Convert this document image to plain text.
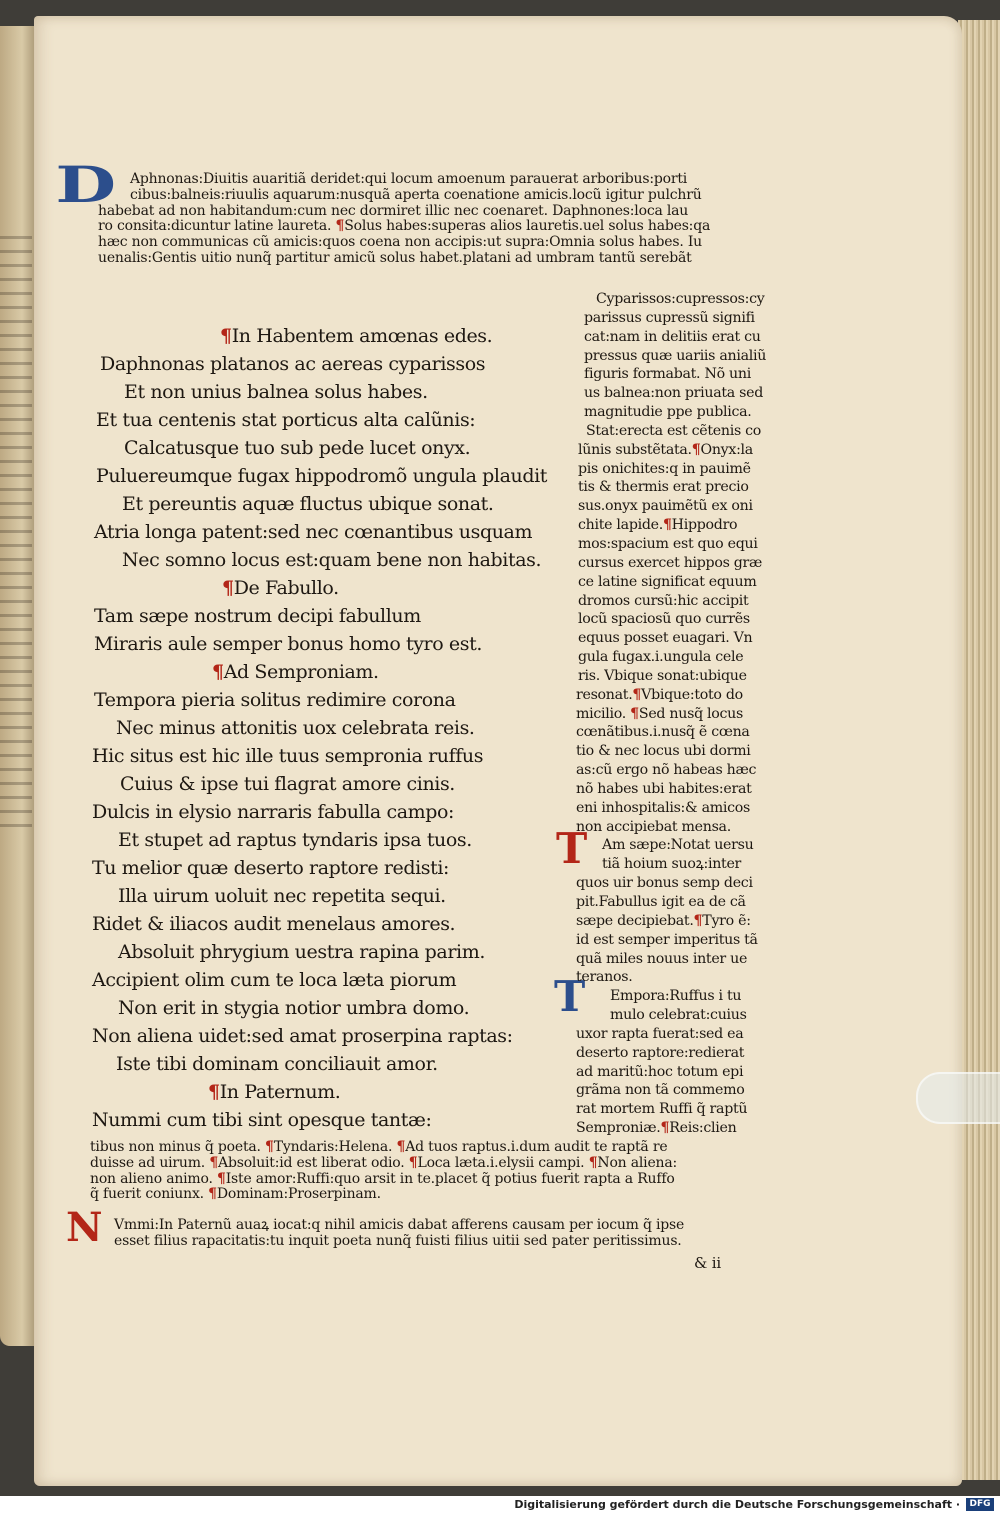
D
T
T
N
Aphnonas:Diuitis auaritiã deridet:qui locum amoenum parauerat arboribus:porti
cibus:balneis:riuulis aquarum:nusquã aperta coenatione amicis.locũ igitur pulchrũ
habebat ad non habitandum:cum nec dormiret illic nec coenaret. Daphnones:loca lau
ro consita:dicuntur latine laureta. ¶Solus habes:superas alios lauretis.uel solus habes:qa
hæc non communicas cũ amicis:quos coena non accipis:ut supra:Omnia solus habes. Iu
uenalis:Gentis uitio nunq̃ partitur amicũ solus habet.platani ad umbram tantũ serebãt
¶In Habentem amœnas edes.
Daphnonas platanos ac aereas cyparissos
Et non unius balnea solus habes.
Et tua centenis stat porticus alta calũnis:
Calcatusque tuo sub pede lucet onyx.
Puluereumque fugax hippodromõ ungula plaudit
Et pereuntis aquæ fluctus ubique sonat.
Atria longa patent:sed nec cœnantibus usquam
Nec somno locus est:quam bene non habitas.
¶De Fabullo.
Tam sæpe nostrum decipi fabullum
Miraris aule semper bonus homo tyro est.
¶Ad Semproniam.
Tempora pieria solitus redimire corona
Nec minus attonitis uox celebrata reis.
Hic situs est hic ille tuus sempronia ruffus
Cuius & ipse tui flagrat amore cinis.
Dulcis in elysio narraris fabulla campo:
Et stupet ad raptus tyndaris ipsa tuos.
Tu melior quæ deserto raptore redisti:
Illa uirum uoluit nec repetita sequi.
Ridet & iliacos audit menelaus amores.
Absoluit phrygium uestra rapina parim.
Accipient olim cum te loca læta piorum
Non erit in stygia notior umbra domo.
Non aliena uidet:sed amat proserpina raptas:
Iste tibi dominam conciliauit amor.
¶In Paternum.
Nummi cum tibi sint opesque tantæ:
Cyparissos:cupressos:cy
parissus cupressũ signifi
cat:nam in delitiis erat cu
pressus quæ uariis anialiũ
figuris formabat. Nõ uni
us balnea:non priuata sed
magnitudie ppe publica.
Stat:erecta est cẽtenis co
lũnis substẽtata.¶Onyx:la
pis onichites:q in pauimẽ
tis & thermis erat precio
sus.onyx pauimẽtũ ex oni
chite lapide.¶Hippodro
mos:spacium est quo equi
cursus exercet hippos græ
ce latine significat equum
dromos cursũ:hic accipit
locũ spaciosũ quo currẽs
equus posset euagari. Vn
gula fugax.i.ungula cele
ris. Vbique sonat:ubique
resonat.¶Vbique:toto do
micilio. ¶Sed nusq̃ locus
cœnãtibus.i.nusq̃ ẽ cœna
tio & nec locus ubi dormi
as:cũ ergo nõ habeas hæc
nõ habes ubi habites:erat
eni inhospitalis:& amicos
non accipiebat mensa.
Am sæpe:Notat uersu
tiã hoium suoꝝ:inter
quos uir bonus semp deci
pit.Fabullus igit ea de cã
sæpe decipiebat.¶Tyro ẽ:
id est semper imperitus tã
quã miles nouus inter ue
teranos.
Empora:Ruffus i tu
mulo celebrat:cuius
uxor rapta fuerat:sed ea
deserto raptore:redierat
ad maritũ:hoc totum epi
grãma non tã commemo
rat mortem Ruffi q̃ raptũ
Semproniæ.¶Reis:clien
tibus non minus q̃ poeta. ¶Tyndaris:Helena. ¶Ad tuos raptus.i.dum audit te raptã re
duisse ad uirum. ¶Absoluit:id est liberat odio. ¶Loca læta.i.elysii campi. ¶Non aliena:
non alieno animo. ¶Iste amor:Ruffi:quo arsit in te.placet q̃ potius fuerit rapta a Ruffo
q̃ fuerit coniunx. ¶Dominam:Proserpinam.
Vmmi:In Paternũ auaꝝ iocat:q nihil amicis dabat afferens causam per iocum q̃ ipse
esset filius rapacitatis:tu inquit poeta nunq̃ fuisti filius uitii sed pater peritissimus.
& ii
Digitalisierung gefördert durch die Deutsche Forschungsgemeinschaft ·	DFG
